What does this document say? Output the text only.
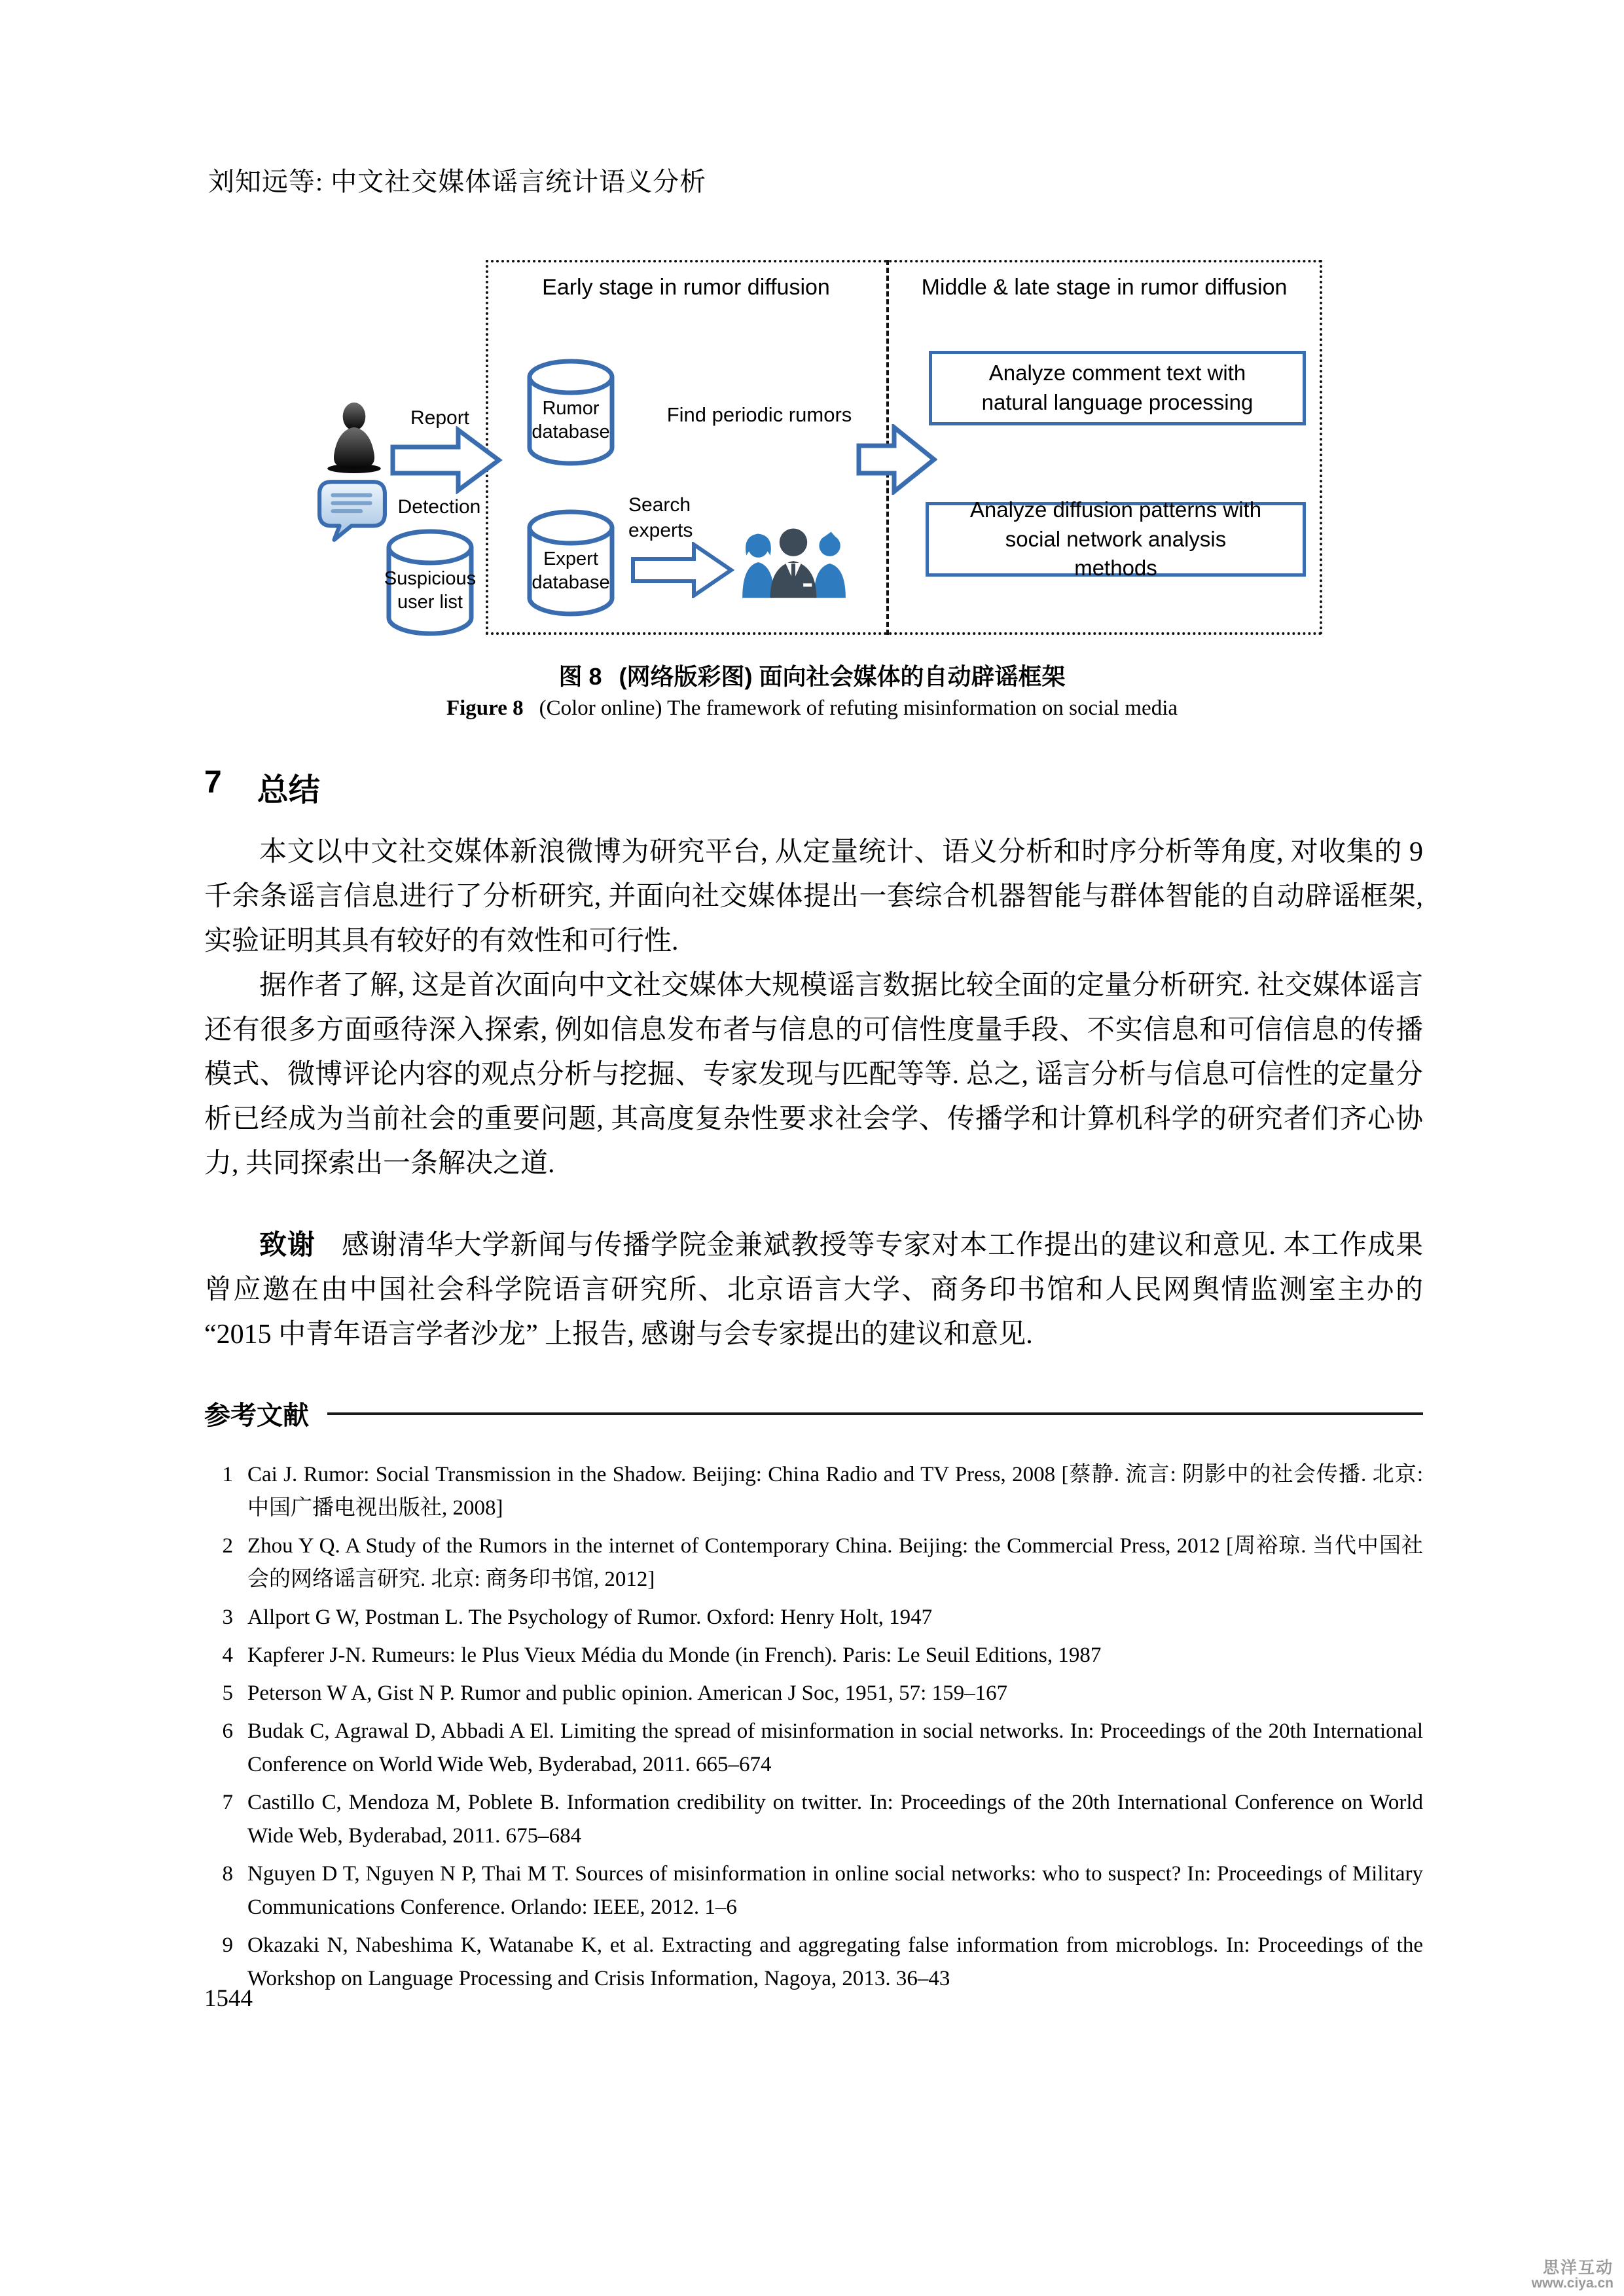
刘知远等: 中文社交媒体谣言统计语义分析
Early stage in rumor diffusion	Middle & late stage in rumor diffusion
Report
Detection
Suspicious
user list
Rumor
database
Find periodic rumors
Expert
database
Search
experts
Analyze comment text with natural language processing
Analyze diffusion patterns with social network analysis methods
图 8 (网络版彩图) 面向社会媒体的自动辟谣框架
Figure 8 (Color online) The framework of refuting misinformation on social media
7 总结

本文以中文社交媒体新浪微博为研究平台, 从定量统计、语义分析和时序分析等角度, 对收集的 9 千余条谣言信息进行了分析研究, 并面向社交媒体提出一套综合机器智能与群体智能的自动辟谣框架, 实验证明其具有较好的有效性和可行性.

据作者了解, 这是首次面向中文社交媒体大规模谣言数据比较全面的定量分析研究. 社交媒体谣言还有很多方面亟待深入探索, 例如信息发布者与信息的可信性度量手段、不实信息和可信信息的传播模式、微博评论内容的观点分析与挖掘、专家发现与匹配等等. 总之, 谣言分析与信息可信性的定量分析已经成为当前社会的重要问题, 其高度复杂性要求社会学、传播学和计算机科学的研究者们齐心协力, 共同探索出一条解决之道.

致谢 感谢清华大学新闻与传播学院金兼斌教授等专家对本工作提出的建议和意见. 本工作成果曾应邀在由中国社会科学院语言研究所、北京语言大学、商务印书馆和人民网舆情监测室主办的 “2015 中青年语言学者沙龙” 上报告, 感谢与会专家提出的建议和意见.

参考文献
1 Cai J. Rumor: Social Transmission in the Shadow. Beijing: China Radio and TV Press, 2008 [蔡静. 流言: 阴影中的社会传播. 北京: 中国广播电视出版社, 2008]
2 Zhou Y Q. A Study of the Rumors in the internet of Contemporary China. Beijing: the Commercial Press, 2012 [周裕琼. 当代中国社会的网络谣言研究. 北京: 商务印书馆, 2012]
3 Allport G W, Postman L. The Psychology of Rumor. Oxford: Henry Holt, 1947
4 Kapferer J-N. Rumeurs: le Plus Vieux Média du Monde (in French). Paris: Le Seuil Editions, 1987
5 Peterson W A, Gist N P. Rumor and public opinion. American J Soc, 1951, 57: 159–167
6 Budak C, Agrawal D, Abbadi A El. Limiting the spread of misinformation in social networks. In: Proceedings of the 20th International Conference on World Wide Web, Byderabad, 2011. 665–674
7 Castillo C, Mendoza M, Poblete B. Information credibility on twitter. In: Proceedings of the 20th International Conference on World Wide Web, Byderabad, 2011. 675–684
8 Nguyen D T, Nguyen N P, Thai M T. Sources of misinformation in online social networks: who to suspect? In: Proceedings of Military Communications Conference. Orlando: IEEE, 2012. 1–6
9 Okazaki N, Nabeshima K, Watanabe K, et al. Extracting and aggregating false information from microblogs. In: Proceedings of the Workshop on Language Processing and Crisis Information, Nagoya, 2013. 36–43
1544
思洋互动
www.ciya.cn
